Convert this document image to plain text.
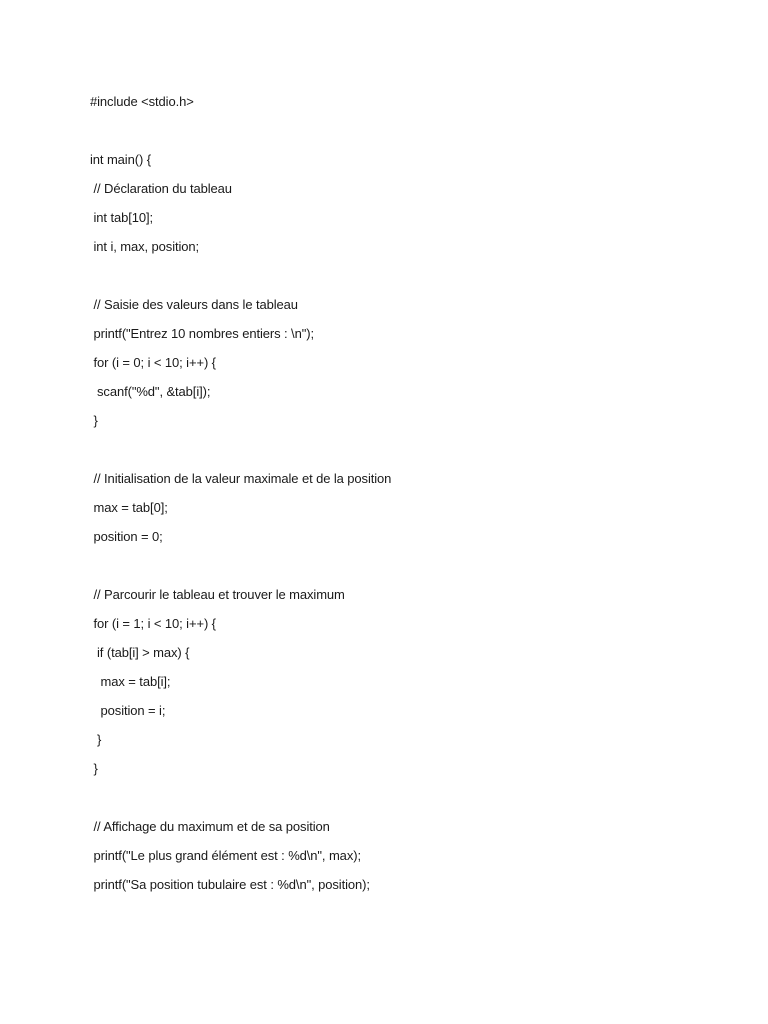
#include <stdio.h>
int main() {
// Déclaration du tableau
int tab[10];
int i, max, position;
// Saisie des valeurs dans le tableau
printf("Entrez 10 nombres entiers : \n");
for (i = 0; i < 10; i++) {
scanf("%d", &tab[i]);
}
// Initialisation de la valeur maximale et de la position
max = tab[0];
position = 0;
// Parcourir le tableau et trouver le maximum
for (i = 1; i < 10; i++) {
if (tab[i] > max) {
max = tab[i];
position = i;
}
}
// Affichage du maximum et de sa position
printf("Le plus grand élément est : %d\n", max);
printf("Sa position tubulaire est : %d\n", position);
